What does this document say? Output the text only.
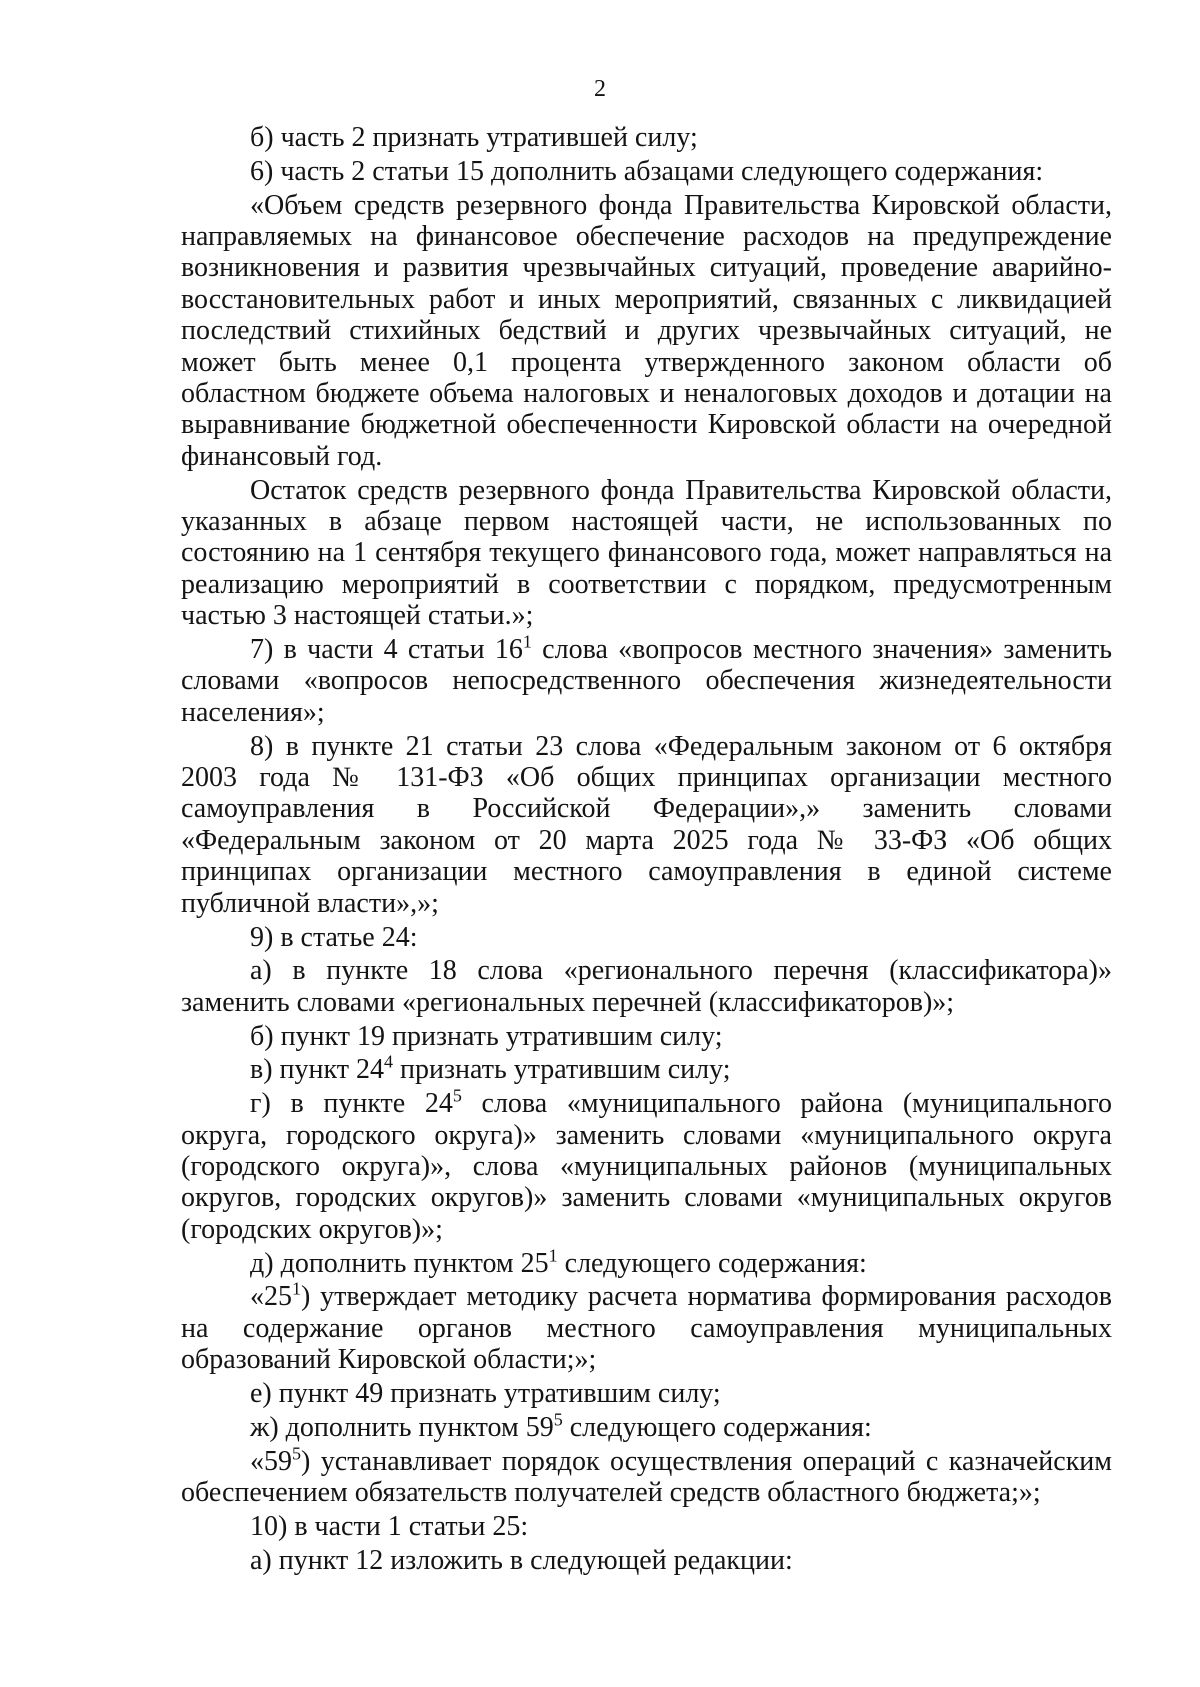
2

б) часть 2 признать утратившей силу;

6) часть 2 статьи 15 дополнить абзацами следующего содержания:

«Объем средств резервного фонда Правительства Кировской области, направляемых на финансовое обеспечение расходов на предупреждение возникновения и развития чрезвычайных ситуаций, проведение аварийно-восстановительных работ и иных мероприятий, связанных с ликвидацией последствий стихийных бедствий и других чрезвычайных ситуаций, не может быть менее 0,1 процента утвержденного законом области об областном бюджете объема налоговых и неналоговых доходов и дотации на выравнивание бюджетной обеспеченности Кировской области на очередной финансовый год.

Остаток средств резервного фонда Правительства Кировской области, указанных в абзаце первом настоящей части, не использованных по состоянию на 1 сентября текущего финансового года, может направляться на реализацию мероприятий в соответствии с порядком, предусмотренным частью 3 настоящей статьи.»;

7) в части 4 статьи $16^1$ слова «вопросов местного значения» заменить словами «вопросов непосредственного обеспечения жизнедеятельности населения»;

8) в пункте 21 статьи 23 слова «Федеральным законом от 6 октября 2003 года № 131-ФЗ «Об общих принципах организации местного самоуправления в Российской Федерации»,» заменить словами «Федеральным законом от 20 марта 2025 года № 33-ФЗ «Об общих принципах организации местного самоуправления в единой системе публичной власти»,»;

9) в статье 24:

а) в пункте 18 слова «регионального перечня (классификатора)» заменить словами «региональных перечней (классификаторов)»;

б) пункт 19 признать утратившим силу;

в) пункт $24^4$ признать утратившим силу;

г) в пункте $24^5$ слова «муниципального района (муниципального округа, городского округа)» заменить словами «муниципального округа (городского округа)», слова «муниципальных районов (муниципальных округов, городских округов)» заменить словами «муниципальных округов (городских округов)»;

д) дополнить пунктом $25^1$ следующего содержания:

«$25^1$) утверждает методику расчета норматива формирования расходов на содержание органов местного самоуправления муниципальных образований Кировской области;»;

е) пункт 49 признать утратившим силу;

ж) дополнить пунктом $59^5$ следующего содержания:

«$59^5$) устанавливает порядок осуществления операций с казначейским обеспечением обязательств получателей средств областного бюджета;»;

10) в части 1 статьи 25:

а) пункт 12 изложить в следующей редакции:
